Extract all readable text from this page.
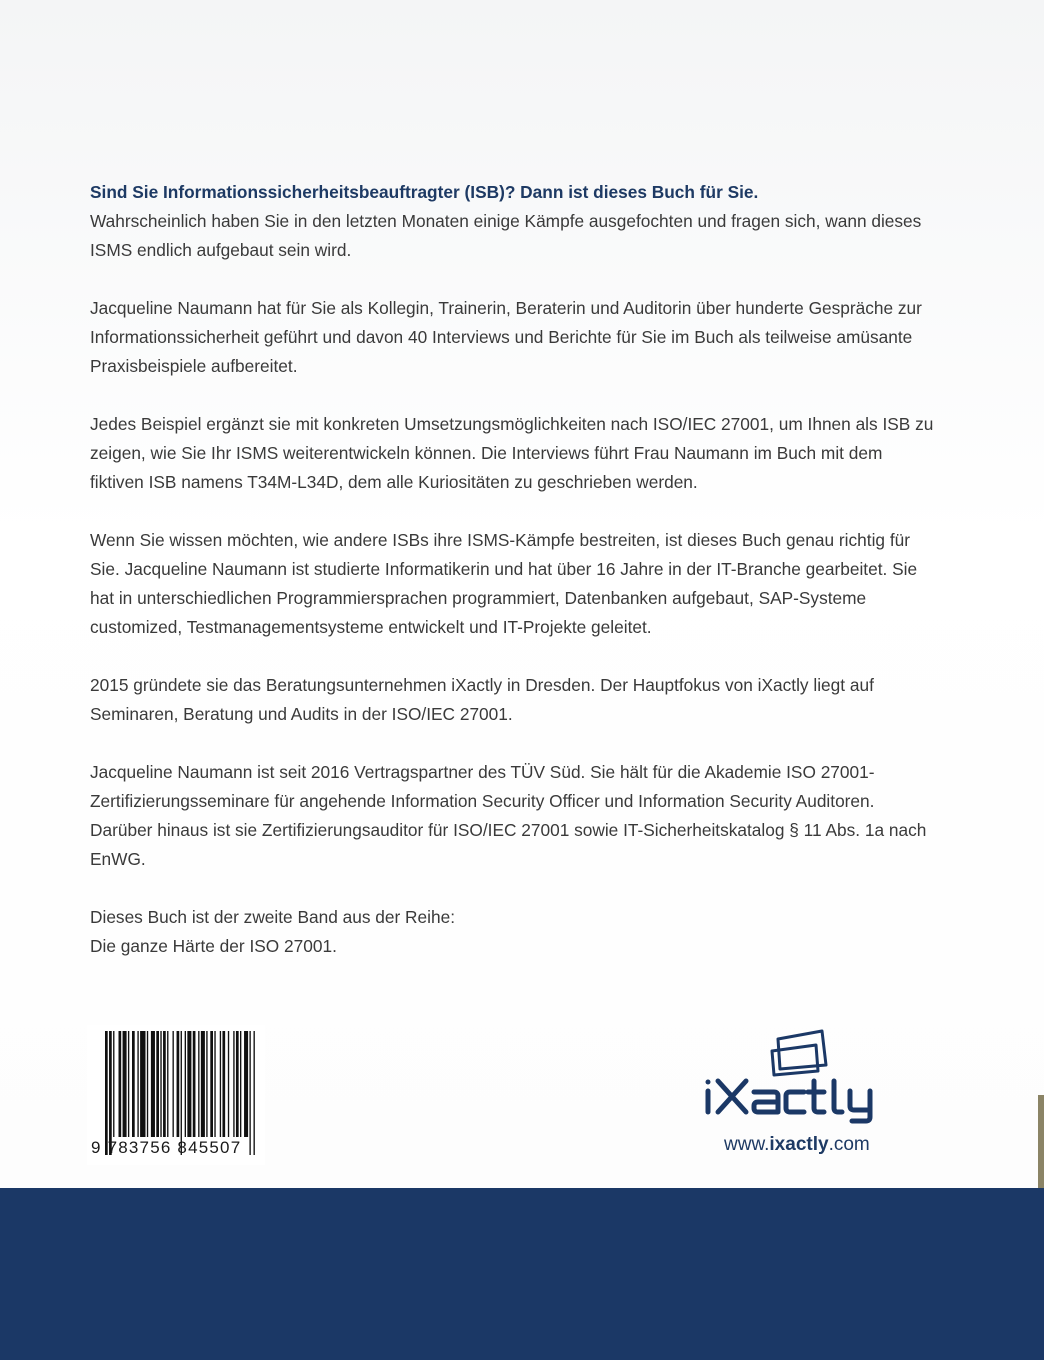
Sind Sie Informationssicherheitsbeauftragter (ISB)? Dann ist dieses Buch für Sie.

Wahrscheinlich haben Sie in den letzten Monaten einige Kämpfe ausgefochten und fragen sich, wann dieses ISMS endlich aufgebaut sein wird.

Jacqueline Naumann hat für Sie als Kollegin, Trainerin, Beraterin und Auditorin über hunderte Gespräche zur Informationssicherheit geführt und davon 40 Interviews und Berichte für Sie im Buch als teilweise amüsante Praxisbeispiele aufbereitet.

Jedes Beispiel ergänzt sie mit konkreten Umsetzungsmöglichkeiten nach ISO/IEC 27001, um Ihnen als ISB zu zeigen, wie Sie Ihr ISMS weiterentwickeln können. Die Interviews führt Frau Naumann im Buch mit dem fiktiven ISB namens T34M-L34D, dem alle Kuriositäten zu geschrieben werden.

Wenn Sie wissen möchten, wie andere ISBs ihre ISMS-Kämpfe bestreiten, ist dieses Buch genau richtig für Sie. Jacqueline Naumann ist studierte Informatikerin und hat über 16 Jahre in der IT-Branche gearbeitet. Sie hat in unterschiedlichen Programmiersprachen programmiert, Datenbanken aufgebaut, SAP-Systeme customized, Testmanagementsysteme entwickelt und IT-Projekte geleitet.

2015 gründete sie das Beratungsunternehmen iXactly in Dresden. Der Hauptfokus von iXactly liegt auf Seminaren, Beratung und Audits in der ISO/IEC 27001.

Jacqueline Naumann ist seit 2016 Vertragspartner des TÜV Süd. Sie hält für die Akademie ISO 27001-Zertifizierungsseminare für angehende Information Security Officer und Information Security Auditoren. Darüber hinaus ist sie Zertifizierungsauditor für ISO/IEC 27001 sowie IT-Sicherheitskatalog § 11 Abs. 1a nach EnWG.

Dieses Buch ist der zweite Band aus der Reihe:
Die ganze Härte der ISO 27001.

9 783756 845507	www.ixactly.com
